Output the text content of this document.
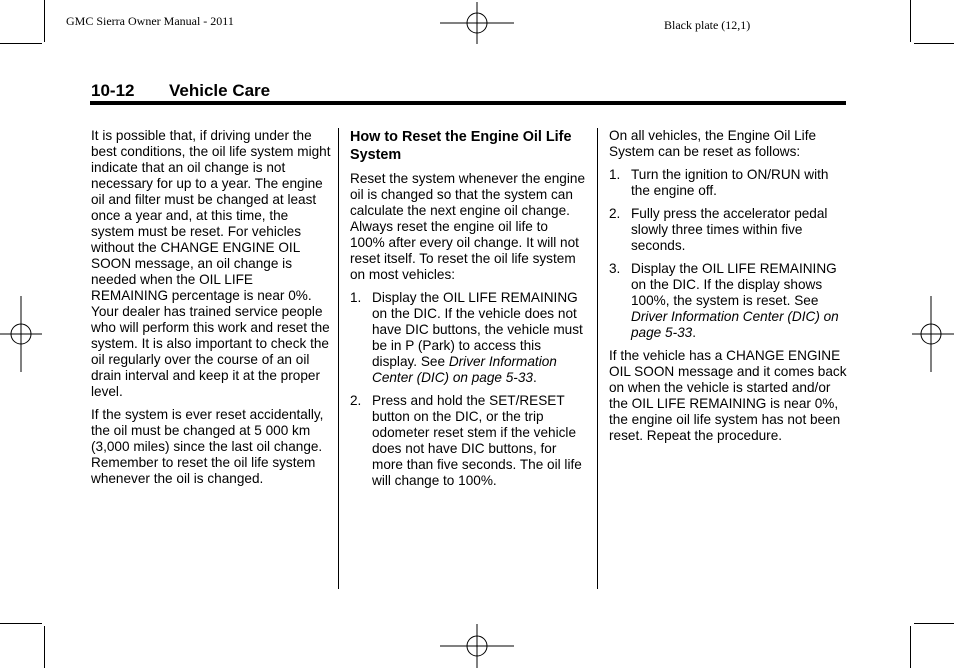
GMC Sierra Owner Manual - 2011	Black plate (12,1)
10-12 Vehicle Care

It is possible that, if driving under the best conditions, the oil life system might indicate that an oil change is not necessary for up to a year. The engine oil and filter must be changed at least once a year and, at this time, the system must be reset. For vehicles without the CHANGE ENGINE OIL SOON message, an oil change is needed when the OIL LIFE REMAINING percentage is near 0%. Your dealer has trained service people who will perform this work and reset the system. It is also important to check the oil regularly over the course of an oil drain interval and keep it at the proper level.

If the system is ever reset accidentally, the oil must be changed at 5 000 km (3,000 miles) since the last oil change. Remember to reset the oil life system whenever the oil is changed.

How to Reset the Engine Oil Life System

Reset the system whenever the engine oil is changed so that the system can calculate the next engine oil change. Always reset the engine oil life to 100% after every oil change. It will not reset itself. To reset the oil life system on most vehicles:

1. Display the OIL LIFE REMAINING on the DIC. If the vehicle does not have DIC buttons, the vehicle must be in P (Park) to access this display. See Driver Information Center (DIC) on page 5‑33.
2. Press and hold the SET/RESET button on the DIC, or the trip odometer reset stem if the vehicle does not have DIC buttons, for more than five seconds. The oil life will change to 100%.

On all vehicles, the Engine Oil Life System can be reset as follows:

1. Turn the ignition to ON/RUN with the engine off.
2. Fully press the accelerator pedal slowly three times within five seconds.
3. Display the OIL LIFE REMAINING on the DIC. If the display shows 100%, the system is reset. See Driver Information Center (DIC) on page 5‑33.

If the vehicle has a CHANGE ENGINE OIL SOON message and it comes back on when the vehicle is started and/or the OIL LIFE REMAINING is near 0%, the engine oil life system has not been reset. Repeat the procedure.
